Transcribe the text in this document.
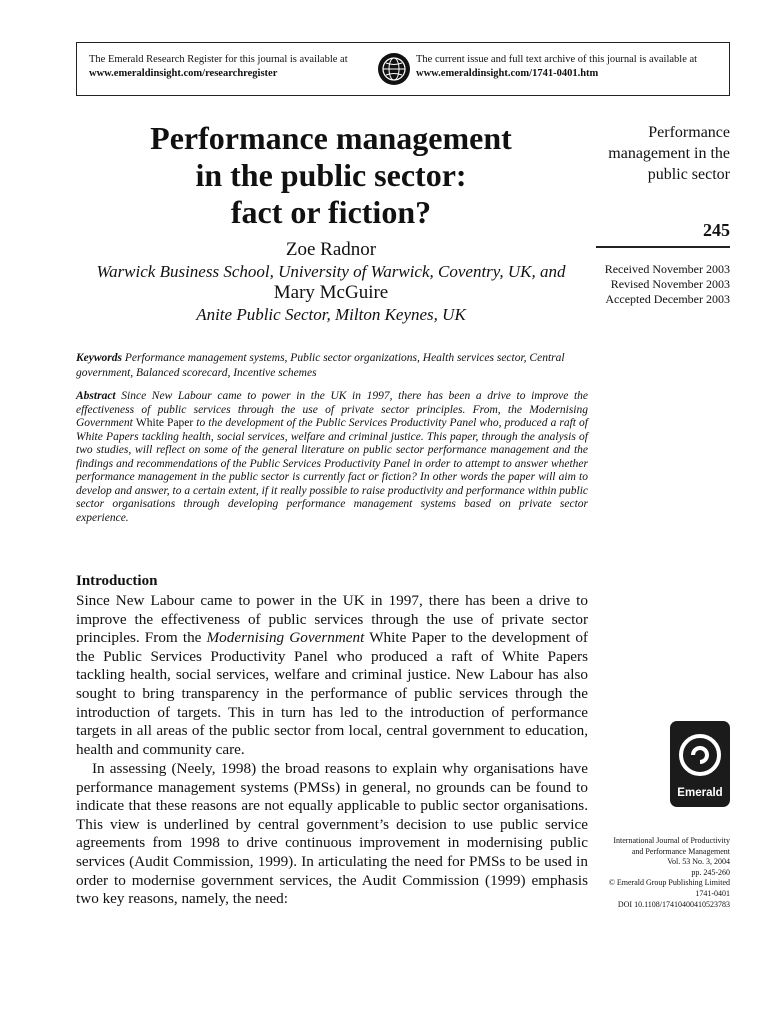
The Emerald Research Register for this journal is available at
www.emeraldinsight.com/researchregister
The current issue and full text archive of this journal is available at
www.emeraldinsight.com/1741-0401.htm
Performance management
in the public sector:
fact or fiction?
Zoe Radnor
Warwick Business School, University of Warwick, Coventry, UK, and
Mary McGuire
Anite Public Sector, Milton Keynes, UK
Performance management in the public sector
245
Received November 2003
Revised November 2003
Accepted December 2003
Keywords Performance management systems, Public sector organizations, Health services sector, Central government, Balanced scorecard, Incentive schemes
Abstract Since New Labour came to power in the UK in 1997, there has been a drive to improve the effectiveness of public services through the use of private sector principles. From, the Modernising Government White Paper to the development of the Public Services Productivity Panel who, produced a raft of White Papers tackling health, social services, welfare and criminal justice. This paper, through the analysis of two studies, will reflect on some of the general literature on public sector performance management and the findings and recommendations of the Public Services Productivity Panel in order to attempt to answer whether performance management in the public sector is currently fact or fiction? In other words the paper will aim to develop and answer, to a certain extent, if it really possible to raise productivity and performance within public sector organisations through developing performance management systems based on private sector experience.
Introduction

Since New Labour came to power in the UK in 1997, there has been a drive to improve the effectiveness of public services through the use of private sector principles. From the Modernising Government White Paper to the development of the Public Services Productivity Panel who produced a raft of White Papers tackling health, social services, welfare and criminal justice. New Labour has also sought to bring transparency in the performance of public services through the introduction of targets. This in turn has led to the introduction of performance targets in all areas of the public sector from local, central government to education, health and community care.

In assessing (Neely, 1998) the broad reasons to explain why organisations have performance management systems (PMSs) in general, no grounds can be found to indicate that these reasons are not equally applicable to public sector organisations. This view is underlined by central government’s decision to use public service agreements from 1998 to drive continuous improvement in modernising public services (Audit Commission, 1999). In articulating the need for PMSs to be used in order to modernise government services, the Audit Commission (1999) emphasis two key reasons, namely, the need:

Emerald
International Journal of Productivity
and Performance Management
Vol. 53 No. 3, 2004
pp. 245-260
© Emerald Group Publishing Limited
1741-0401
DOI 10.1108/17410400410523783
